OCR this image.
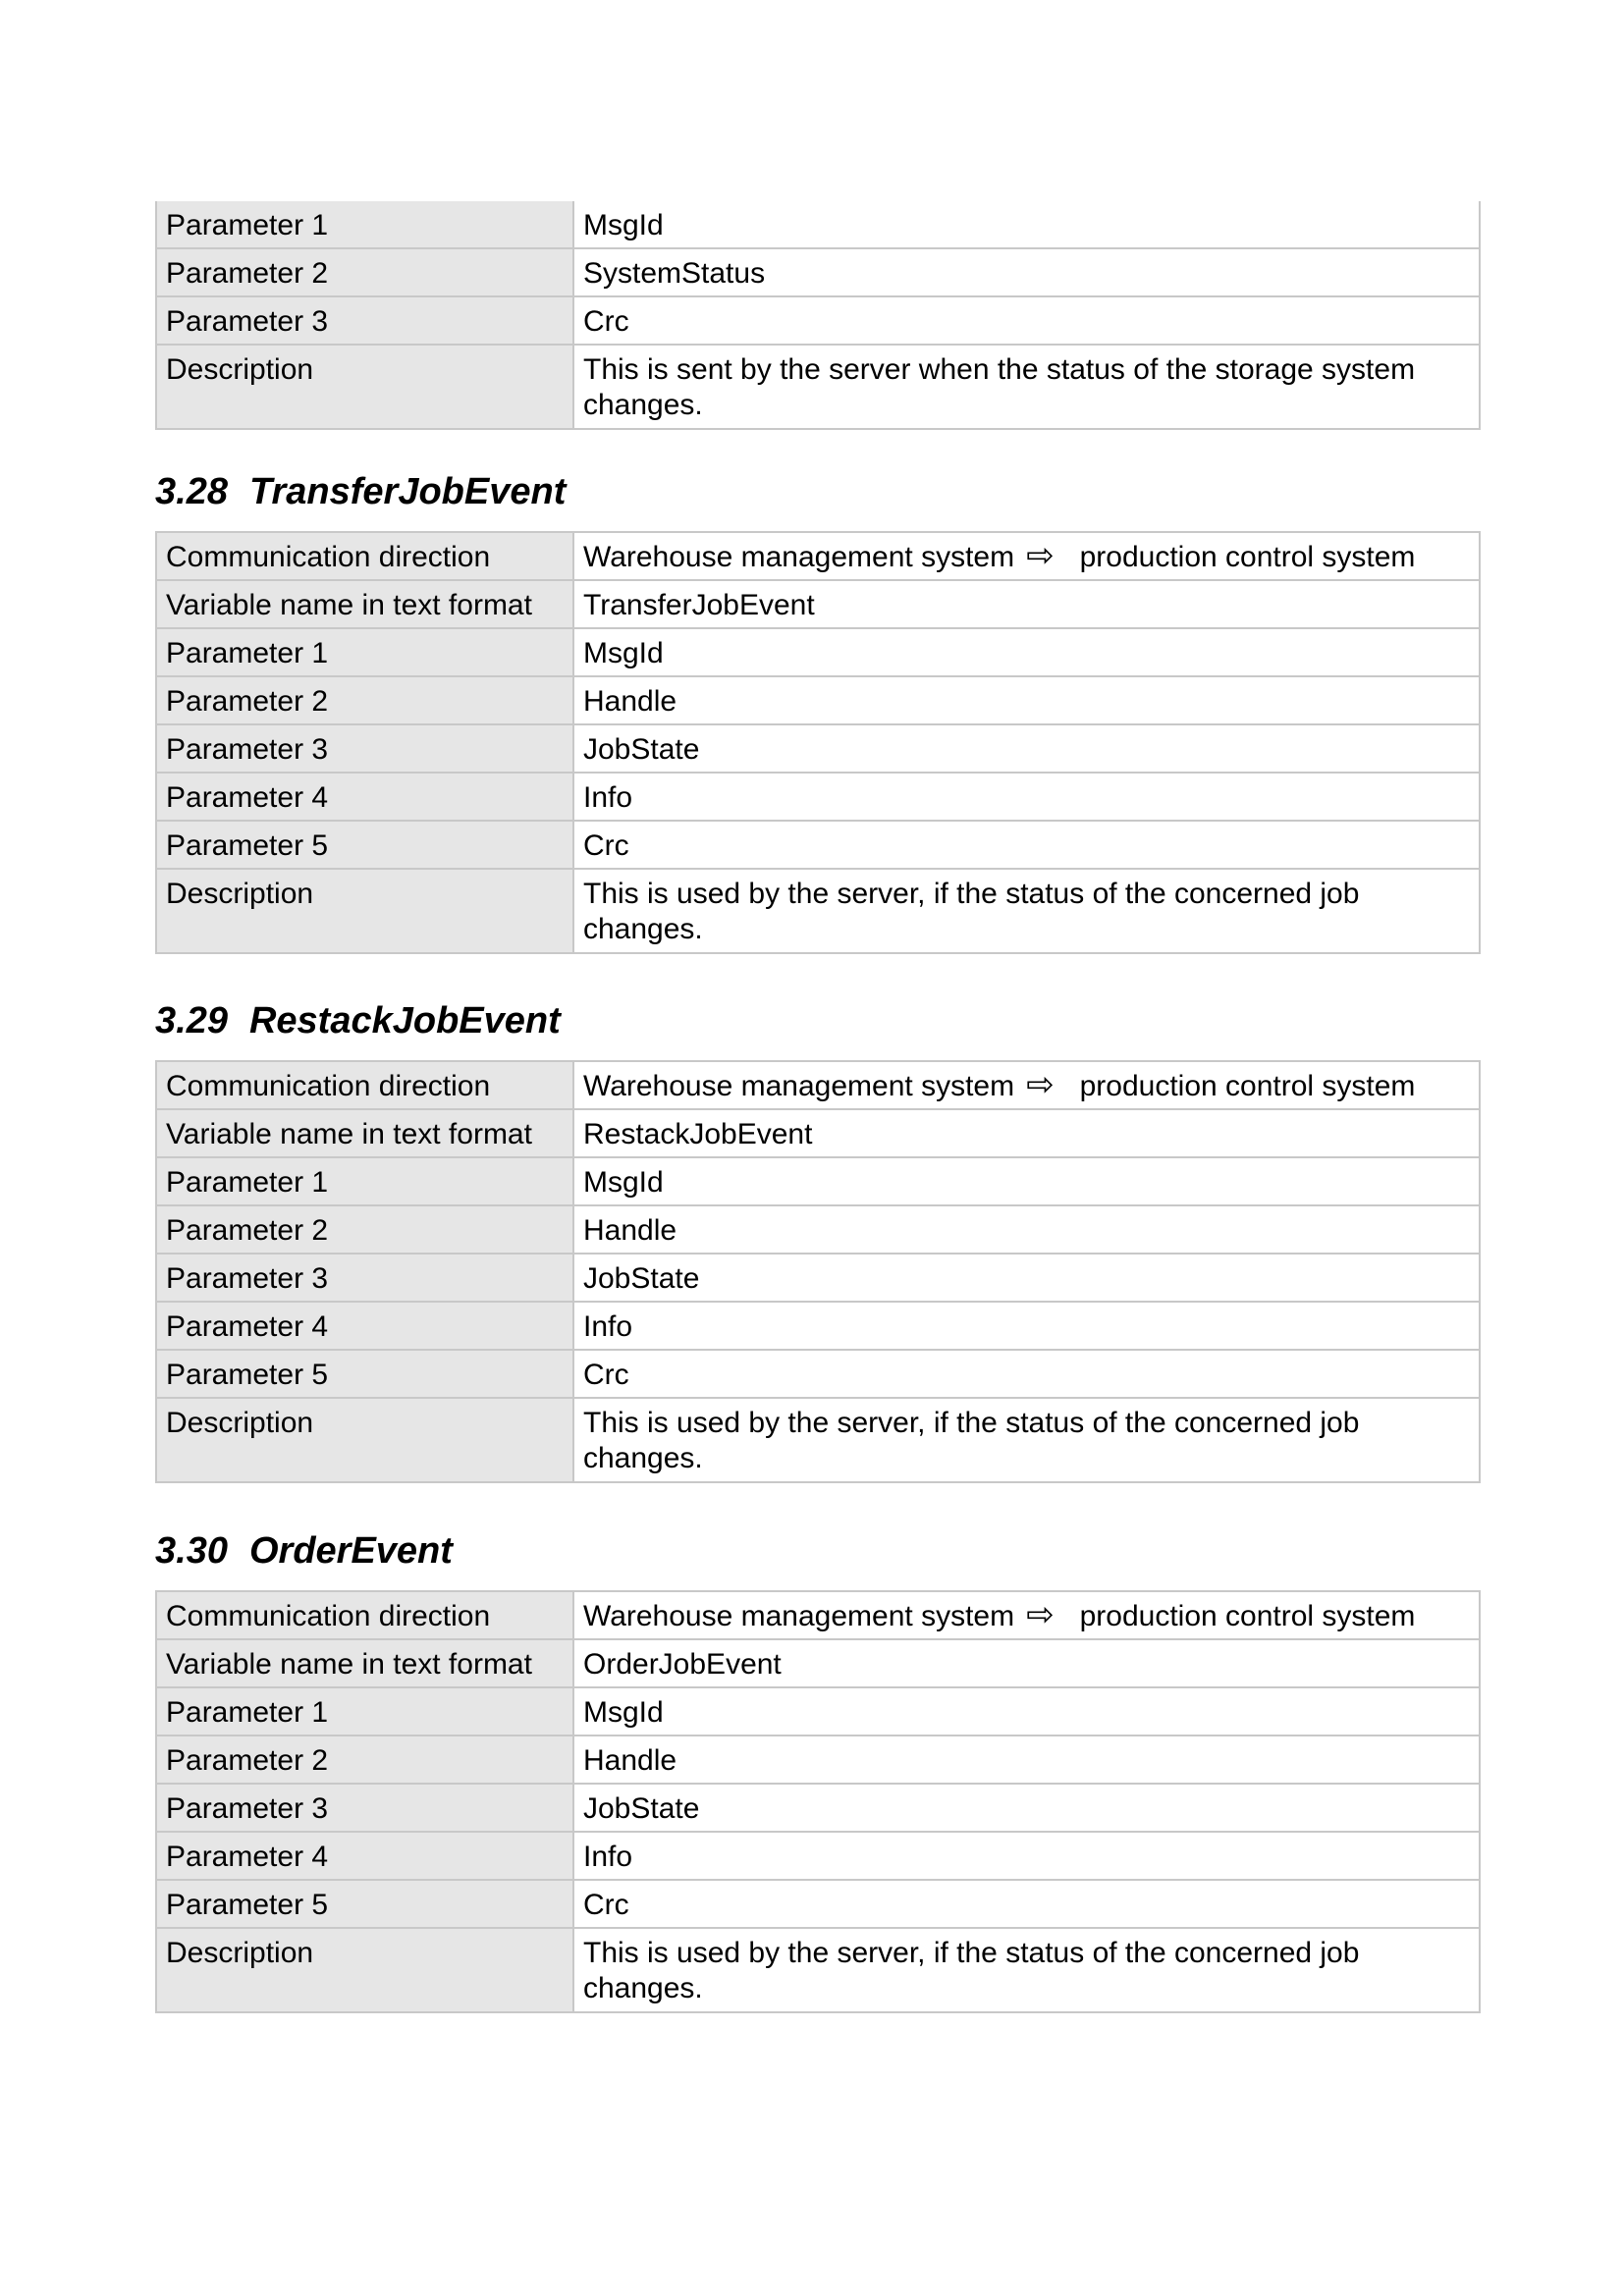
Parameter 1	MsgId
Parameter 2	SystemStatus
Parameter 3	Crc
Description	This is sent by the server when the status of the storage system changes.
3.28 TransferJobEvent
Communication direction	Warehouse management system ⇨ production control system
Variable name in text format	TransferJobEvent
Parameter 1	MsgId
Parameter 2	Handle
Parameter 3	JobState
Parameter 4	Info
Parameter 5	Crc
Description	This is used by the server, if the status of the concerned job changes.
3.29 RestackJobEvent
Communication direction	Warehouse management system ⇨ production control system
Variable name in text format	RestackJobEvent
Parameter 1	MsgId
Parameter 2	Handle
Parameter 3	JobState
Parameter 4	Info
Parameter 5	Crc
Description	This is used by the server, if the status of the concerned job changes.
3.30 OrderEvent
Communication direction	Warehouse management system ⇨ production control system
Variable name in text format	OrderJobEvent
Parameter 1	MsgId
Parameter 2	Handle
Parameter 3	JobState
Parameter 4	Info
Parameter 5	Crc
Description	This is used by the server, if the status of the concerned job changes.
